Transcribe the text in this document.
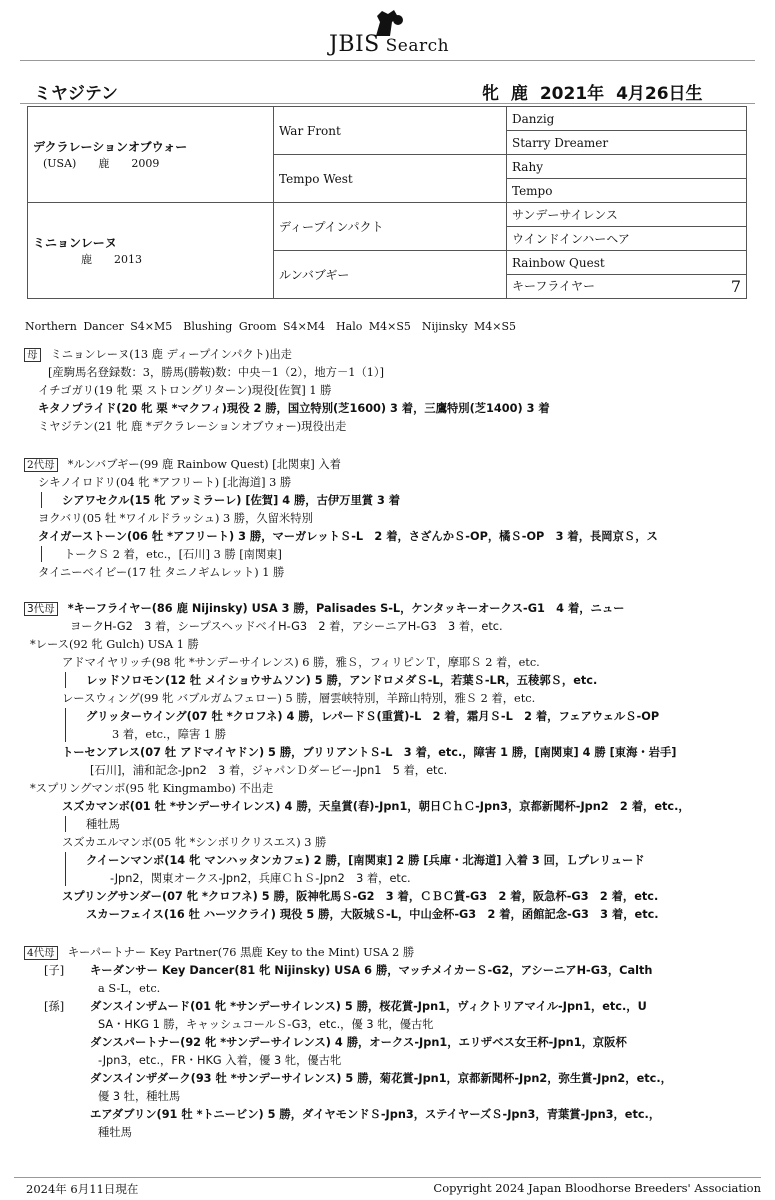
JBIS Search
ミヤジテン	牝 鹿 2021年 4月26日生
デクラレーションオブウォー
(USA)　　鹿　　2009	War Front	Danzig
		Starry Dreamer
	Tempo West	Rahy
		Tempo

ミニョンレーヌ
鹿　　2013	ディープインパクト	サンデーサイレンス
		ウインドインハーヘア
	ルンバブギー	Rainbow Quest
		キーフライヤー 7
Northern Dancer S4×M5　Blushing Groom S4×M4　Halo M4×S5　Nijinsky M4×S5
母 ミニョンレーヌ(13 鹿 ディープインパクト)出走
[産駒馬名登録数：3，勝馬(勝鞍)数：中央－1（2），地方－1（1）]
イチゴガリ(19 牝 栗 ストロングリターン)現役[佐賀] 1 勝
キタノプライド(20 牝 栗 *マクフィ)現役 2 勝，国立特別(芝1600) 3 着，三鷹特別(芝1400) 3 着
ミヤジテン(21 牝 鹿 *デクラレーションオブウォー)現役出走
2代母 *ルンバブギー(99 鹿 Rainbow Quest) [北関東] 入着
シキノイロドリ(04 牝 *アフリート) [北海道] 3 勝
シアワセクル(15 牝 アッミラーレ) [佐賀] 4 勝，古伊万里賞 3 着
ヨクバリ(05 牡 *ワイルドラッシュ) 3 勝，久留米特別
タイガーストーン(06 牡 *アフリート) 3 勝，マーガレットＳ-L　2 着，さざんかＳ-OP，橘Ｓ-OP　3 着，長岡京Ｓ，ス
トークＳ 2 着，etc.，[石川] 3 勝 [南関東]
タイニーベイビー(17 牡 タニノギムレット) 1 勝
3代母 *キーフライヤー(86 鹿 Nijinsky) USA 3 勝，Palisades S-L，ケンタッキーオークス-G1　4 着，ニュー
ヨークH-G2　3 着，シープスヘッドベイH-G3　2 着，アシーニアH-G3　3 着，etc.
*レース(92 牝 Gulch) USA 1 勝
アドマイヤリッチ(98 牝 *サンデーサイレンス) 6 勝，雅Ｓ，フィリピンＴ，摩耶Ｓ 2 着，etc.
レッドソロモン(12 牡 メイショウサムソン) 5 勝，アンドロメダＳ-L，若葉Ｓ-LR，五稜郭Ｓ，etc.
レースウィング(99 牝 バブルガムフェロー) 5 勝，層雲峡特別，羊蹄山特別，雅Ｓ 2 着，etc.
グリッターウイング(07 牡 *クロフネ) 4 勝，レパードＳ(重賞)-L　2 着，霜月Ｓ-L　2 着，フェアウェルＳ-OP
3 着，etc.，障害 1 勝
トーセンアレス(07 牡 アドマイヤドン) 5 勝，ブリリアントＳ-L　3 着，etc.，障害 1 勝，[南関東] 4 勝 [東海・岩手]
[石川]，浦和記念-Jpn2　3 着，ジャパンＤダービー-Jpn1　5 着，etc.
*スプリングマンボ(95 牝 Kingmambo) 不出走
スズカマンボ(01 牡 *サンデーサイレンス) 4 勝，天皇賞(春)-Jpn1，朝日ＣｈＣ-Jpn3，京都新聞杯-Jpn2　2 着，etc.，
種牡馬
スズカエルマンボ(05 牝 *シンボリクリスエス) 3 勝
クイーンマンボ(14 牝 マンハッタンカフェ) 2 勝，[南関東] 2 勝 [兵庫・北海道] 入着 3 回，Ｌプレリュード
-Jpn2，関東オークス-Jpn2，兵庫ＣｈＳ-Jpn2　3 着，etc.
スプリングサンダー(07 牝 *クロフネ) 5 勝，阪神牝馬Ｓ-G2　3 着，ＣＢＣ賞-G3　2 着，阪急杯-G3　2 着，etc.
スカーフェイス(16 牡 ハーツクライ) 現役 5 勝，大阪城Ｓ-L，中山金杯-G3　2 着，函館記念-G3　3 着，etc.
4代母 キーパートナー Key Partner(76 黒鹿 Key to the Mint) USA 2 勝
[子] キーダンサー Key Dancer(81 牝 Nijinsky) USA 6 勝，マッチメイカーＳ-G2，アシーニアH-G3，Calth
a S-L，etc.
[孫] ダンスインザムード(01 牝 *サンデーサイレンス) 5 勝，桜花賞-Jpn1，ヴィクトリアマイル-Jpn1，etc.，U
SA・HKG 1 勝，キャッシュコールＳ-G3，etc.，優 3 牝，優古牝
ダンスパートナー(92 牝 *サンデーサイレンス) 4 勝，オークス-Jpn1，エリザベス女王杯-Jpn1，京阪杯
-Jpn3，etc.，FR・HKG 入着，優 3 牝，優古牝
ダンスインザダーク(93 牡 *サンデーサイレンス) 5 勝，菊花賞-Jpn1，京都新聞杯-Jpn2，弥生賞-Jpn2，etc.，
優 3 牡，種牡馬
エアダブリン(91 牡 *トニービン) 5 勝，ダイヤモンドＳ-Jpn3，ステイヤーズＳ-Jpn3，青葉賞-Jpn3，etc.，
種牡馬
2024年 6月11日現在	Copyright 2024 Japan Bloodhorse Breeders' Association
